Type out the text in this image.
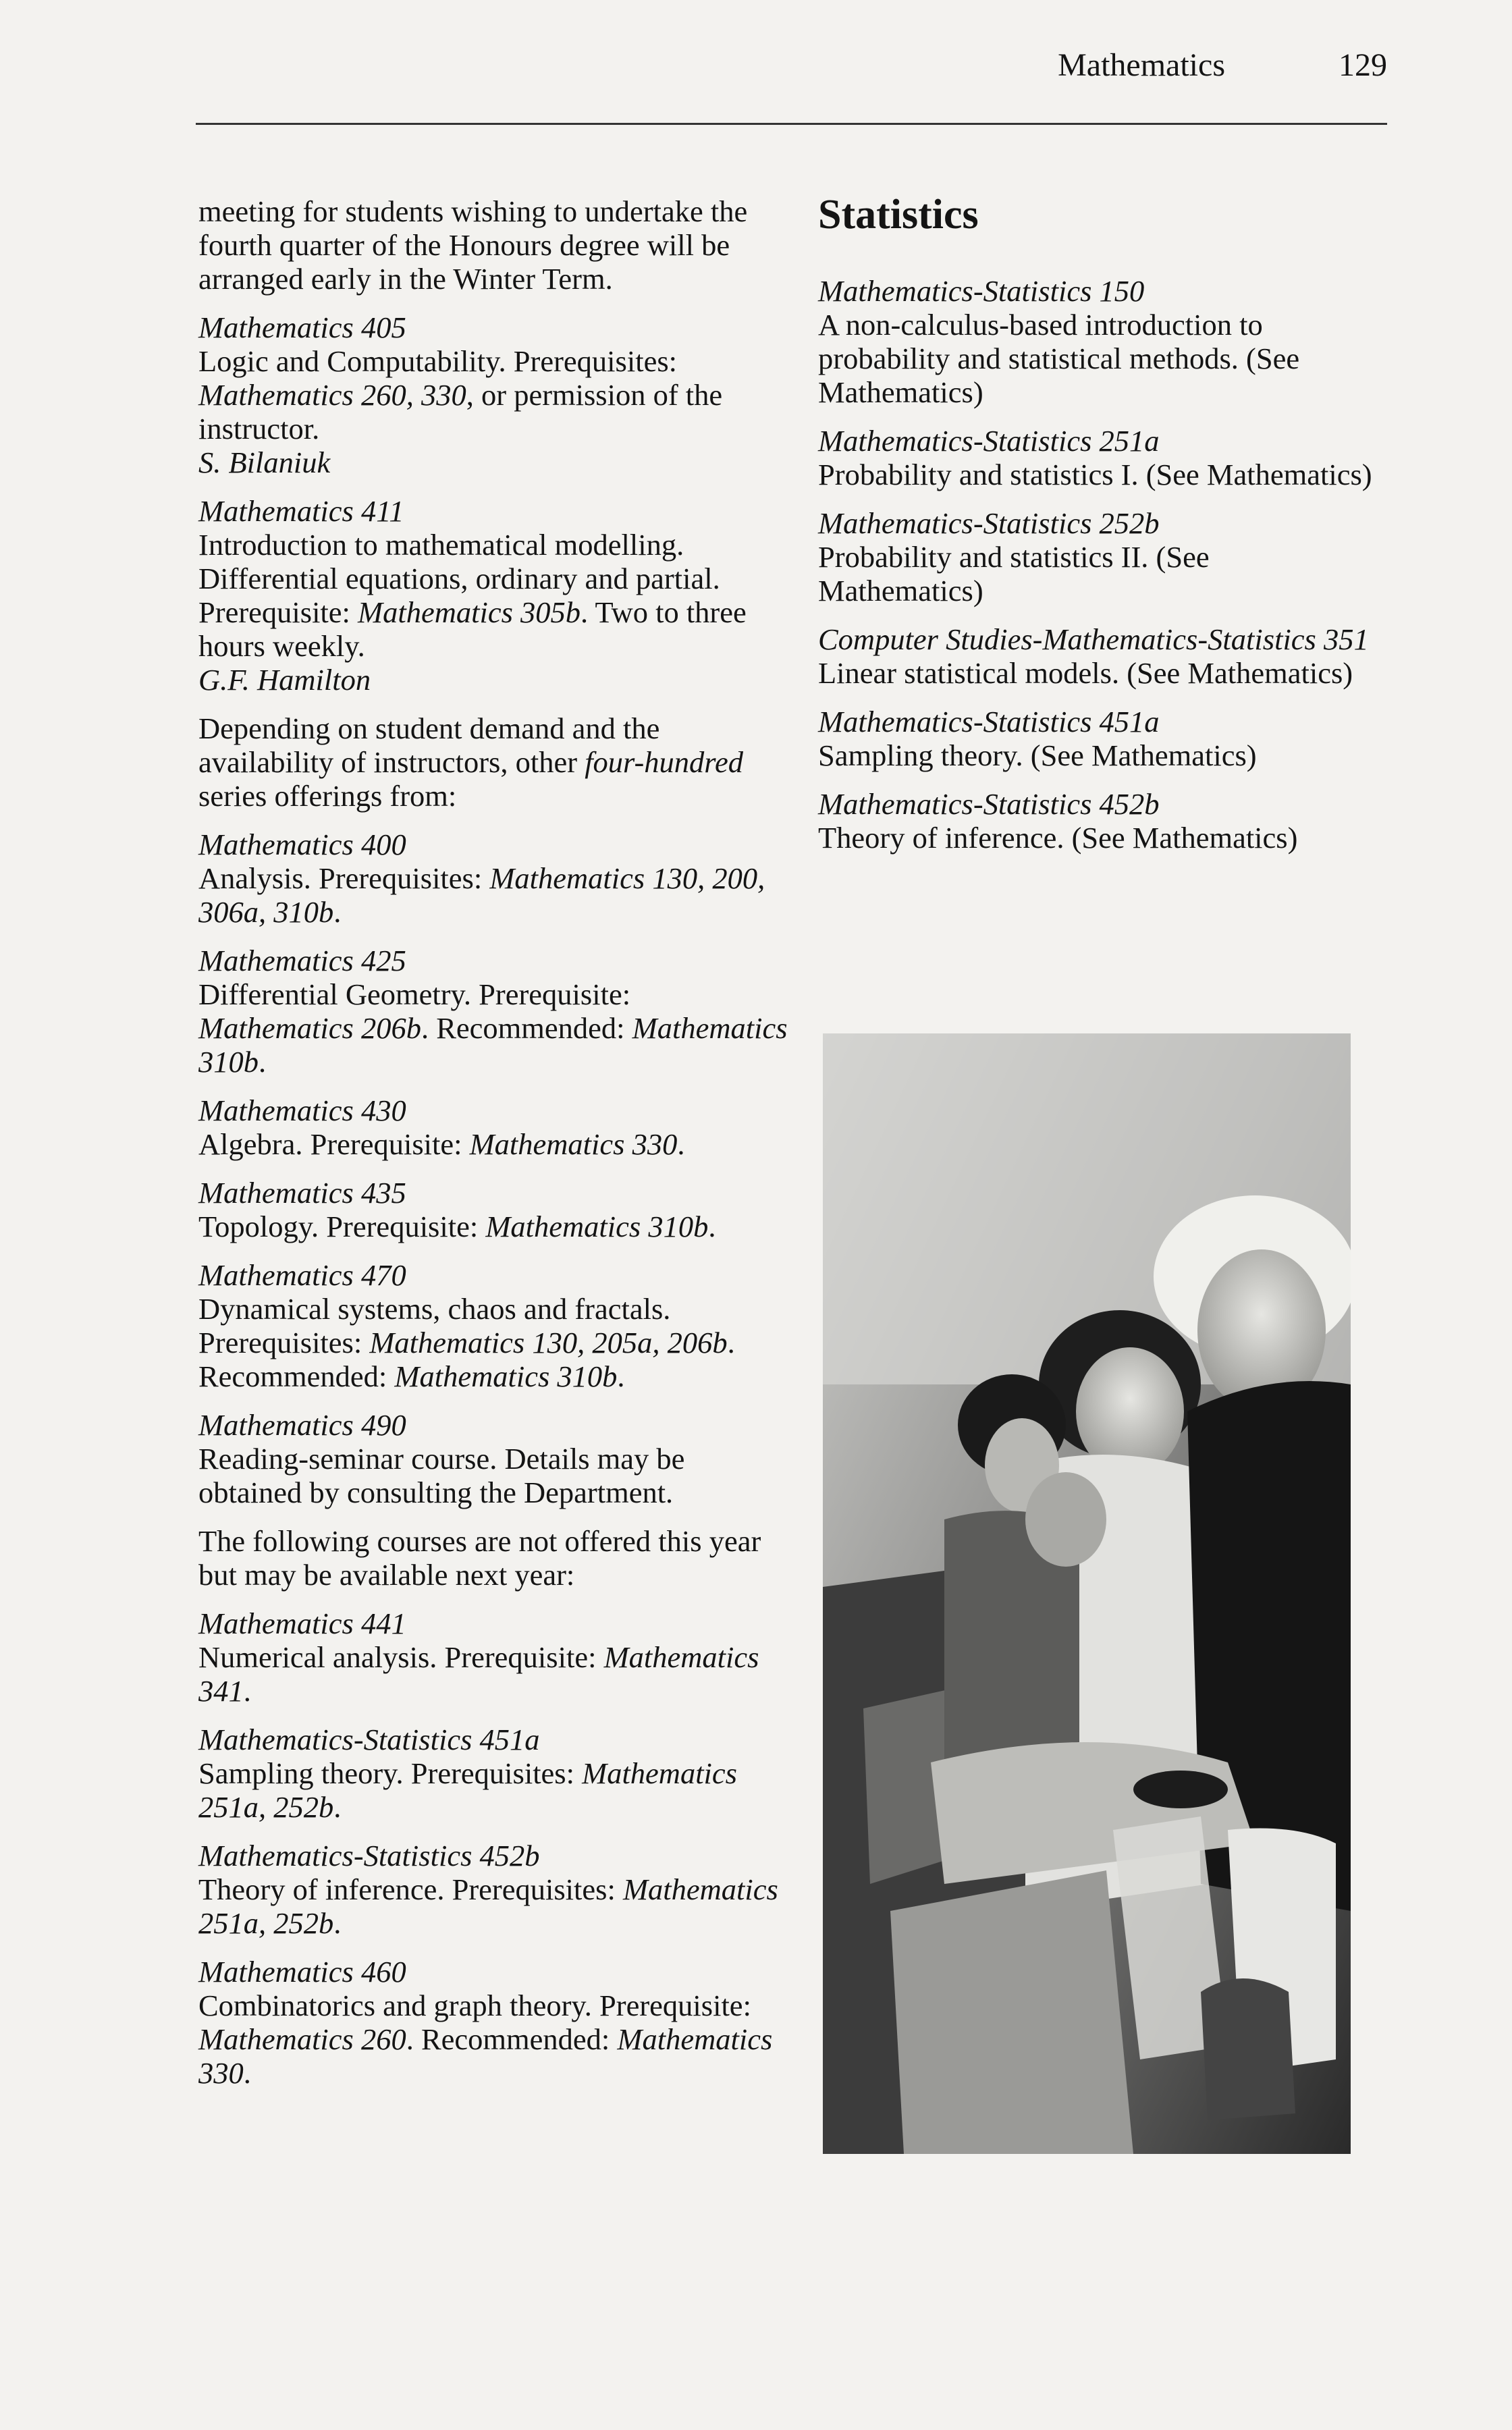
Mathematics	129

meeting for students wishing to undertake the fourth quarter of the Honours degree will be arranged early in the Winter Term.

Mathematics 405
Logic and Computability. Prerequisites: Mathematics 260, 330, or permission of the instructor.
S. Bilaniuk
Mathematics 411
Introduction to mathematical modelling. Differential equations, ordinary and partial. Prerequisite: Mathematics 305b. Two to three hours weekly.
G.F. Hamilton

Depending on student demand and the availability of instructors, other four-hundred series offerings from:

Mathematics 400
Analysis. Prerequisites: Mathematics 130, 200, 306a, 310b.
Mathematics 425
Differential Geometry. Prerequisite: Mathematics 206b. Recommended: Mathematics 310b.
Mathematics 430
Algebra. Prerequisite: Mathematics 330.
Mathematics 435
Topology. Prerequisite: Mathematics 310b.
Mathematics 470
Dynamical systems, chaos and fractals. Prerequisites: Mathematics 130, 205a, 206b. Recommended: Mathematics 310b.
Mathematics 490
Reading-seminar course. Details may be obtained by consulting the Department.

The following courses are not offered this year but may be available next year:

Mathematics 441
Numerical analysis. Prerequisite: Mathematics 341.
Mathematics-Statistics 451a
Sampling theory. Prerequisites: Mathematics 251a, 252b.
Mathematics-Statistics 452b
Theory of inference. Prerequisites: Mathematics 251a, 252b.
Mathematics 460
Combinatorics and graph theory. Prerequisite: Mathematics 260. Recommended: Mathematics 330.
Statistics
Mathematics-Statistics 150
A non-calculus-based introduction to probability and statistical methods. (See Mathematics)
Mathematics-Statistics 251a
Probability and statistics I. (See Mathematics)
Mathematics-Statistics 252b
Probability and statistics II. (See Mathematics)
Computer Studies-Mathematics-Statistics 351
Linear statistical models. (See Mathematics)
Mathematics-Statistics 451a
Sampling theory. (See Mathematics)
Mathematics-Statistics 452b
Theory of inference. (See Mathematics)
